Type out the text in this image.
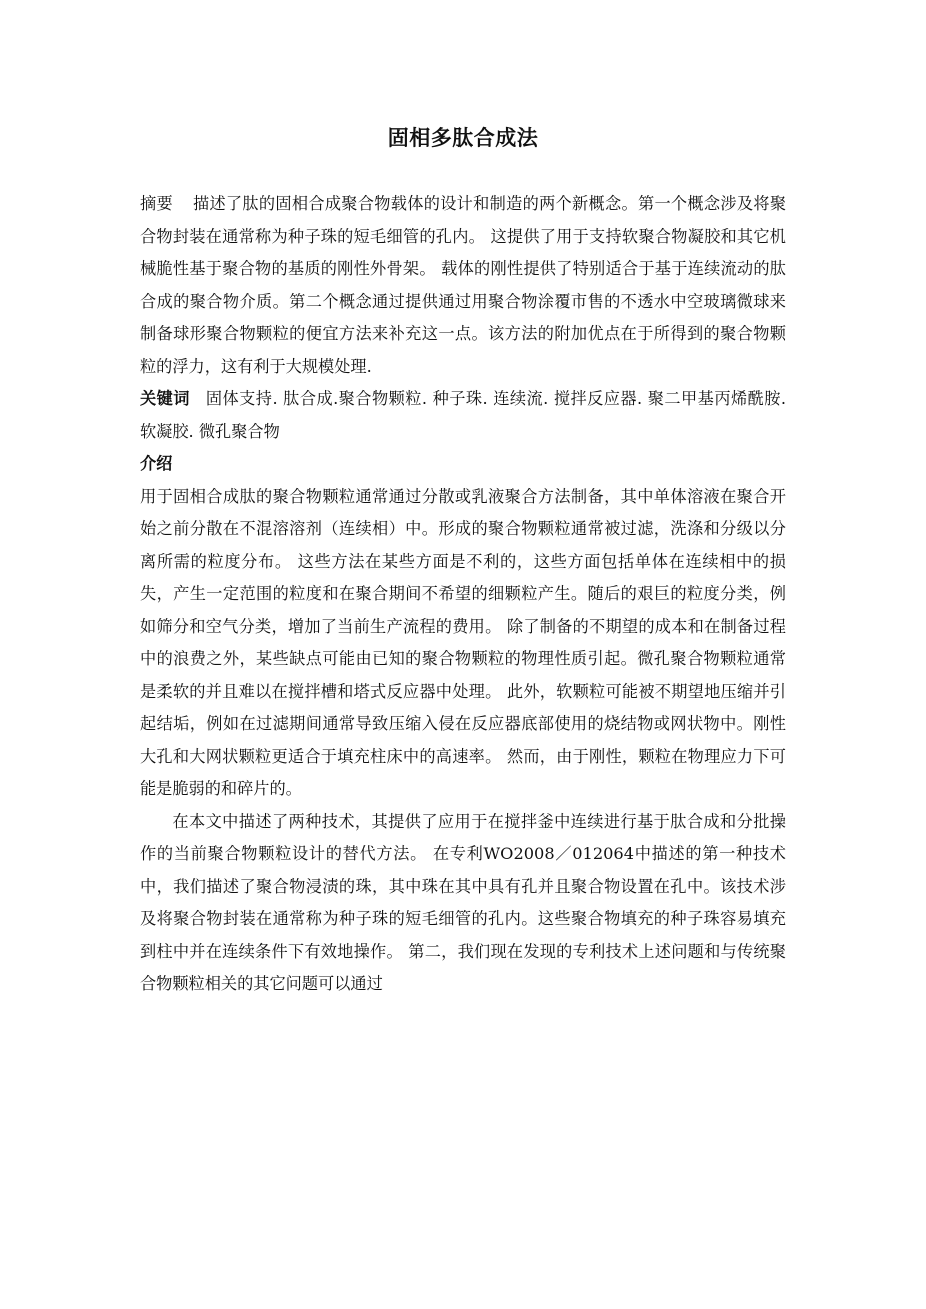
固相多肽合成法

摘要 描述了肽的固相合成聚合物载体的设计和制造的两个新概念。第一个概念涉及将聚合物封装在通常称为种子珠的短毛细管的孔内。 这提供了用于支持软聚合物凝胶和其它机械脆性基于聚合物的基质的刚性外骨架。 载体的刚性提供了特别适合于基于连续流动的肽合成的聚合物介质。第二个概念通过提供通过用聚合物涂覆市售的不透水中空玻璃微球来制备球形聚合物颗粒的便宜方法来补充这一点。该方法的附加优点在于所得到的聚合物颗粒的浮力，这有利于大规模处理.

关键词 固体支持. 肽合成.聚合物颗粒. 种子珠. 连续流. 搅拌反应器. 聚二甲基丙烯酰胺. 软凝胶. 微孔聚合物

介绍

用于固相合成肽的聚合物颗粒通常通过分散或乳液聚合方法制备，其中单体溶液在聚合开始之前分散在不混溶溶剂（连续相）中。形成的聚合物颗粒通常被过滤，洗涤和分级以分离所需的粒度分布。 这些方法在某些方面是不利的，这些方面包括单体在连续相中的损失，产生一定范围的粒度和在聚合期间不希望的细颗粒产生。随后的艰巨的粒度分类，例如筛分和空气分类，增加了当前生产流程的费用。 除了制备的不期望的成本和在制备过程中的浪费之外，某些缺点可能由已知的聚合物颗粒的物理性质引起。微孔聚合物颗粒通常是柔软的并且难以在搅拌槽和塔式反应器中处理。 此外，软颗粒可能被不期望地压缩并引起结垢，例如在过滤期间通常导致压缩入侵在反应器底部使用的烧结物或网状物中。刚性大孔和大网状颗粒更适合于填充柱床中的高速率。 然而，由于刚性，颗粒在物理应力下可能是脆弱的和碎片的。

在本文中描述了两种技术，其提供了应用于在搅拌釜中连续进行基于肽合成和分批操作的当前聚合物颗粒设计的替代方法。 在专利WO2008／012064中描述的第一种技术中，我们描述了聚合物浸渍的珠，其中珠在其中具有孔并且聚合物设置在孔中。该技术涉及将聚合物封装在通常称为种子珠的短毛细管的孔内。这些聚合物填充的种子珠容易填充到柱中并在连续条件下有效地操作。 第二，我们现在发现的专利技术上述问题和与传统聚合物颗粒相关的其它问题可以通过
